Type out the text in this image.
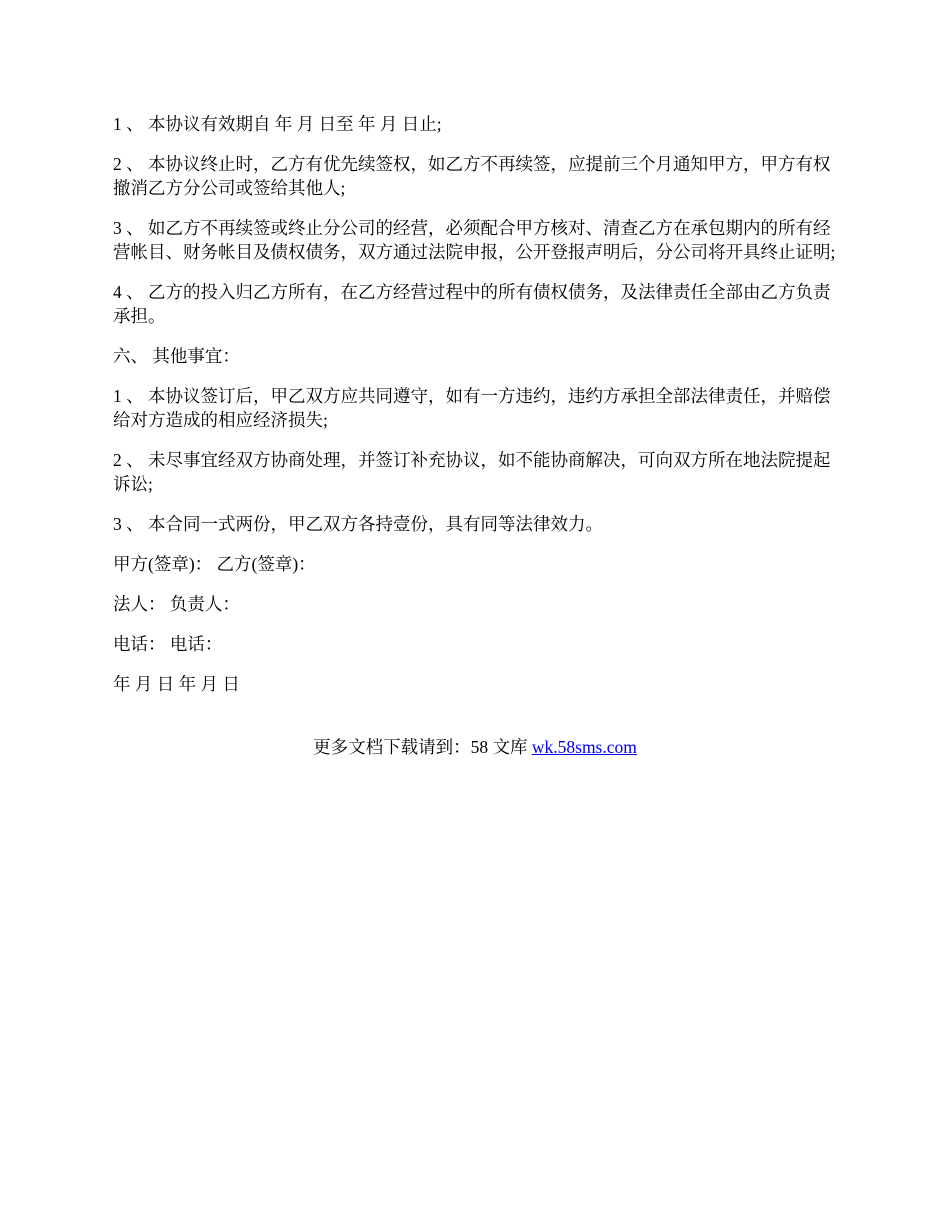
1 、 本协议有效期自 年 月 日至 年 月 日止;

2 、 本协议终止时，乙方有优先续签权，如乙方不再续签，应提前三个月通知甲方，甲方有权撤消乙方分公司或签给其他人;

3 、 如乙方不再续签或终止分公司的经营，必须配合甲方核对、清查乙方在承包期内的所有经营帐目、财务帐目及债权债务，双方通过法院申报，公开登报声明后，分公司将开具终止证明;

4 、 乙方的投入归乙方所有，在乙方经营过程中的所有债权债务，及法律责任全部由乙方负责承担。

六、 其他事宜：

1 、 本协议签订后，甲乙双方应共同遵守，如有一方违约，违约方承担全部法律责任，并赔偿给对方造成的相应经济损失;

2 、 未尽事宜经双方协商处理，并签订补充协议，如不能协商解决，可向双方所在地法院提起诉讼;

3 、 本合同一式两份，甲乙双方各持壹份，具有同等法律效力。

甲方(签章)： 乙方(签章)：

法人： 负责人：

电话： 电话：

年 月 日 年 月 日

更多文档下载请到：58 文库 wk.58sms.com
